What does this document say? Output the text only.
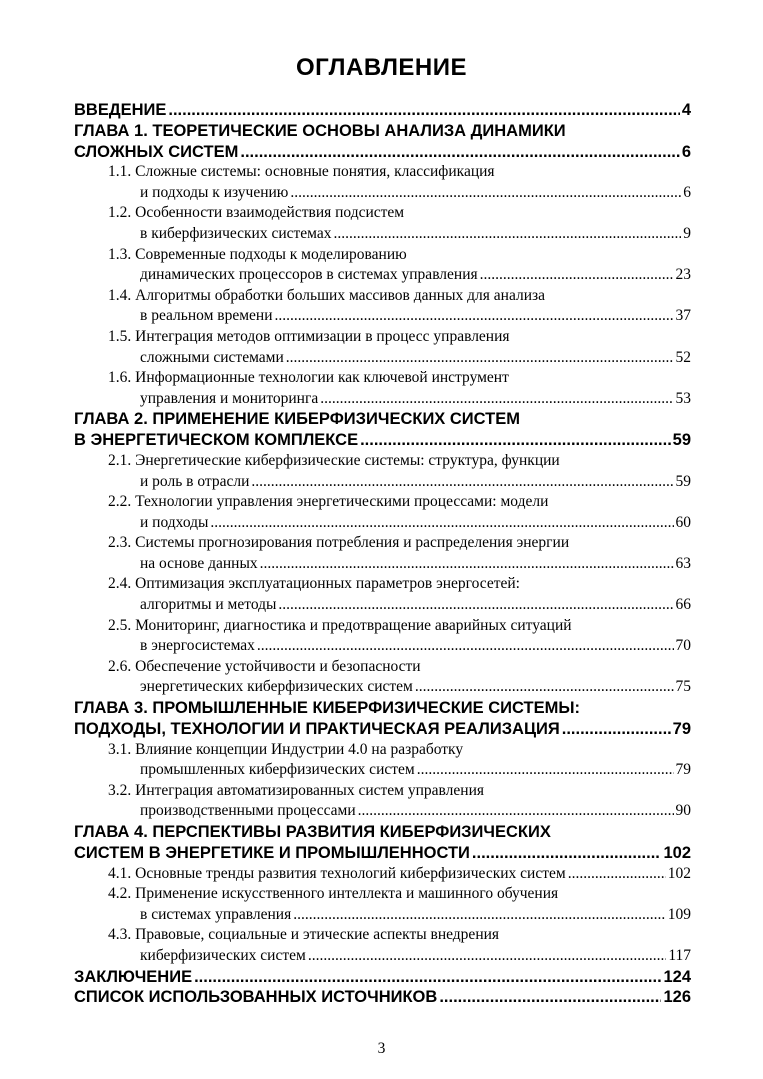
ОГЛАВЛЕНИЕ
ВВЕДЕНИЕ .....	4
ГЛАВА 1. ТЕОРЕТИЧЕСКИЕ ОСНОВЫ АНАЛИЗА ДИНАМИКИ
СЛОЖНЫХ СИСТЕМ .....	6
1.1. Сложные системы: основные понятия, классификация
и подходы к изучению .....	6
1.2. Особенности взаимодействия подсистем
в киберфизических системах .....	9
1.3. Современные подходы к моделированию
динамических процессоров в системах управления .....	23
1.4. Алгоритмы обработки больших массивов данных для анализа
в реальном времени .....	37
1.5. Интеграция методов оптимизации в процесс управления
сложными системами .....	52
1.6. Информационные технологии как ключевой инструмент
управления и мониторинга .....	53
ГЛАВА 2. ПРИМЕНЕНИЕ КИБЕРФИЗИЧЕСКИХ СИСТЕМ
В ЭНЕРГЕТИЧЕСКОМ КОМПЛЕКСЕ .....	59
2.1. Энергетические киберфизические системы: структура, функции
и роль в отрасли .....	59
2.2. Технологии управления энергетическими процессами: модели
и подходы .....	60
2.3. Системы прогнозирования потребления и распределения энергии
на основе данных .....	63
2.4. Оптимизация эксплуатационных параметров энергосетей:
алгоритмы и методы .....	66
2.5. Мониторинг, диагностика и предотвращение аварийных ситуаций
в энергосистемах .....	70
2.6. Обеспечение устойчивости и безопасности
энергетических киберфизических систем .....	75
ГЛАВА 3. ПРОМЫШЛЕННЫЕ КИБЕРФИЗИЧЕСКИЕ СИСТЕМЫ:
ПОДХОДЫ, ТЕХНОЛОГИИ И ПРАКТИЧЕСКАЯ РЕАЛИЗАЦИЯ .....	79
3.1. Влияние концепции Индустрии 4.0 на разработку
промышленных киберфизических систем .....	79
3.2. Интеграция автоматизированных систем управления
производственными процессами .....	90
ГЛАВА 4. ПЕРСПЕКТИВЫ РАЗВИТИЯ КИБЕРФИЗИЧЕСКИХ
СИСТЕМ В ЭНЕРГЕТИКЕ И ПРОМЫШЛЕННОСТИ .....	102
4.1. Основные тренды развития технологий киберфизических систем .....	102
4.2. Применение искусственного интеллекта и машинного обучения
в системах управления .....	109
4.3. Правовые, социальные и этические аспекты внедрения
киберфизических систем .....	117
ЗАКЛЮЧЕНИЕ .....	124
СПИСОК ИСПОЛЬЗОВАННЫХ ИСТОЧНИКОВ .....	126
3
